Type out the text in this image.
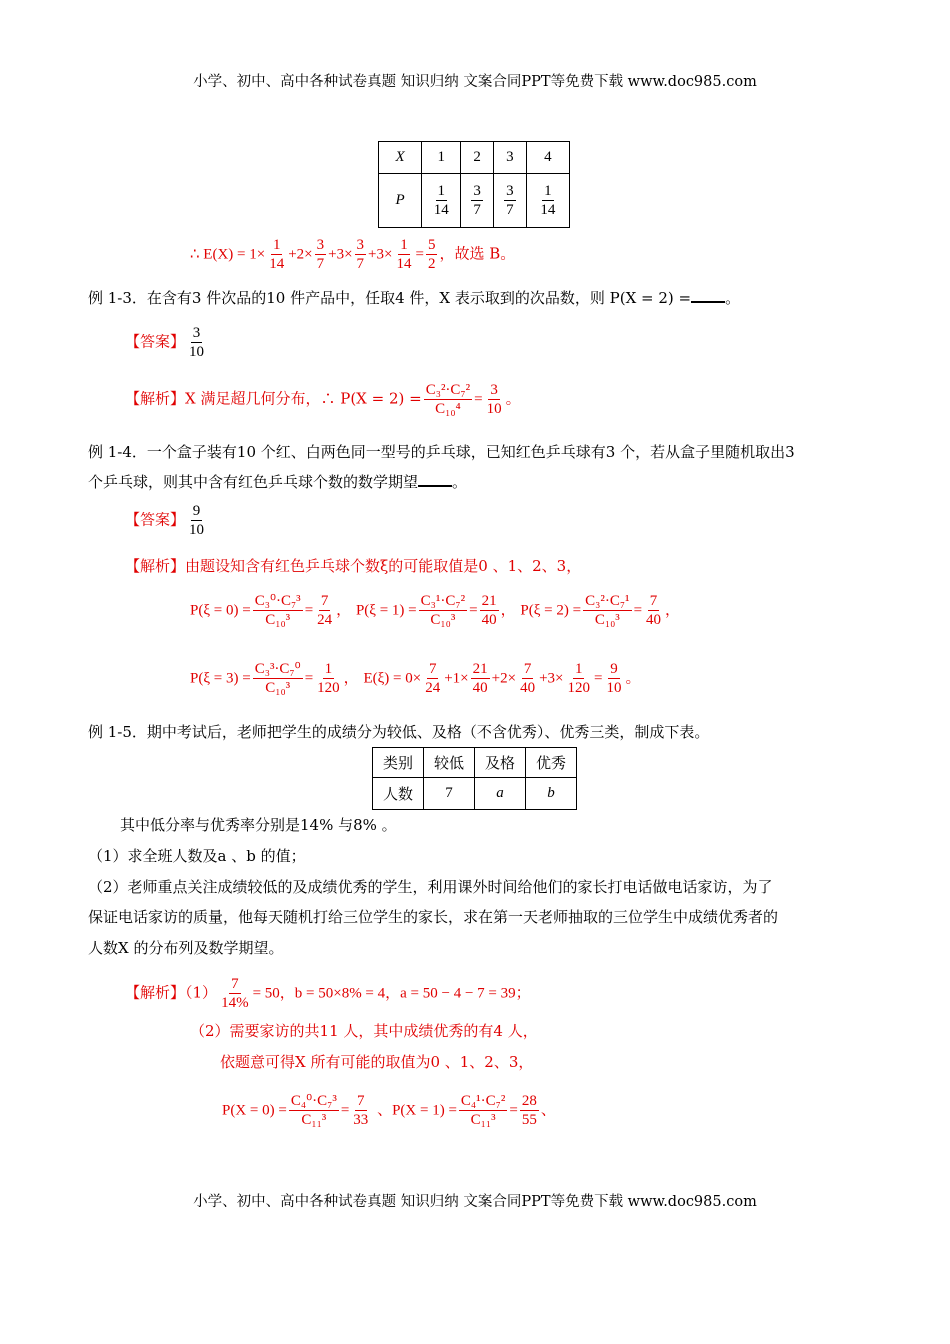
小学、初中、高中各种试卷真题 知识归纳 文案合同PPT等免费下载 www.doc985.com
X	1	2	3	4
P	$\frac{1}{14}$	$\frac{3}{7}$	$\frac{3}{7}$	$\frac{1}{14}$
∴ $E(X) = 1\times \frac{1}{14} +2\times \frac{3}{7} +3\times \frac{3}{7} +3\times \frac{1}{14} = \frac{5}{2}$ ，故选 B。
例 1-3．在含有3 件次品的10 件产品中，任取4 件，X 表示取到的次品数，则 P(X = 2) = 。
【答案】 $\frac{3}{10}$
【解析】X 满足超几何分布，∴ $P(X = 2) = \frac{\text{C₃²·C₇²}}{\text{C₁₀⁴}} = \frac{3}{10}$ 。
例 1-4．一个盒子装有10 个红、白两色同一型号的乒乓球，已知红色乒乓球有3 个，若从盒子里随机取出3
个乒乓球，则其中含有红色乒乓球个数的数学期望 。
【答案】 $\frac{9}{10}$
【解析】由题设知含有红色乒乓球个数ξ的可能取值是0 、1、2、3，
$P(\xi = 0) = \frac{\text{C₃⁰·C₇³}}{\text{C₁₀³}} = \frac{7}{24}$ ， $P(\xi = 1) = \frac{\text{C₃¹·C₇²}}{\text{C₁₀³}} = \frac{21}{40}$ ， $P(\xi = 2) = \frac{\text{C₃²·C₇¹}}{\text{C₁₀³}} = \frac{7}{40}$ ，
$P(\xi = 3) = \frac{\text{C₃³·C₇⁰}}{\text{C₁₀³}} = \frac{1}{120}$ ， $E(\xi) = 0\times \frac{7}{24} +1\times \frac{21}{40} +2\times \frac{7}{40} +3\times \frac{1}{120} = \frac{9}{10}$ 。
例 1-5．期中考试后，老师把学生的成绩分为较低、及格（不含优秀）、优秀三类，制成下表。
类别	较低	及格	优秀
人数	7	a	b
其中低分率与优秀率分别是14% 与8% 。
（1）求全班人数及a 、b 的值；
（2）老师重点关注成绩较低的及成绩优秀的学生，利用课外时间给他们的家长打电话做电话家访，为了
保证电话家访的质量，他每天随机打给三位学生的家长，求在第一天老师抽取的三位学生中成绩优秀者的
人数X 的分布列及数学期望。
【解析】$(1) \frac{7}{14\%} = 50$，b = 50×8% = 4，a = 50 − 4 − 7 = 39；
（2）需要家访的共11 人，其中成绩优秀的有4 人，
依题意可得X 所有可能的取值为0 、1、2、3，
$P(X = 0) = \frac{\text{C₄⁰·C₇³}}{\text{C₁₁³}} = \frac{7}{33}$ 、$P(X = 1) = \frac{\text{C₄¹·C₇²}}{\text{C₁₁³}} = \frac{28}{55}$ 、
小学、初中、高中各种试卷真题 知识归纳 文案合同PPT等免费下载 www.doc985.com
